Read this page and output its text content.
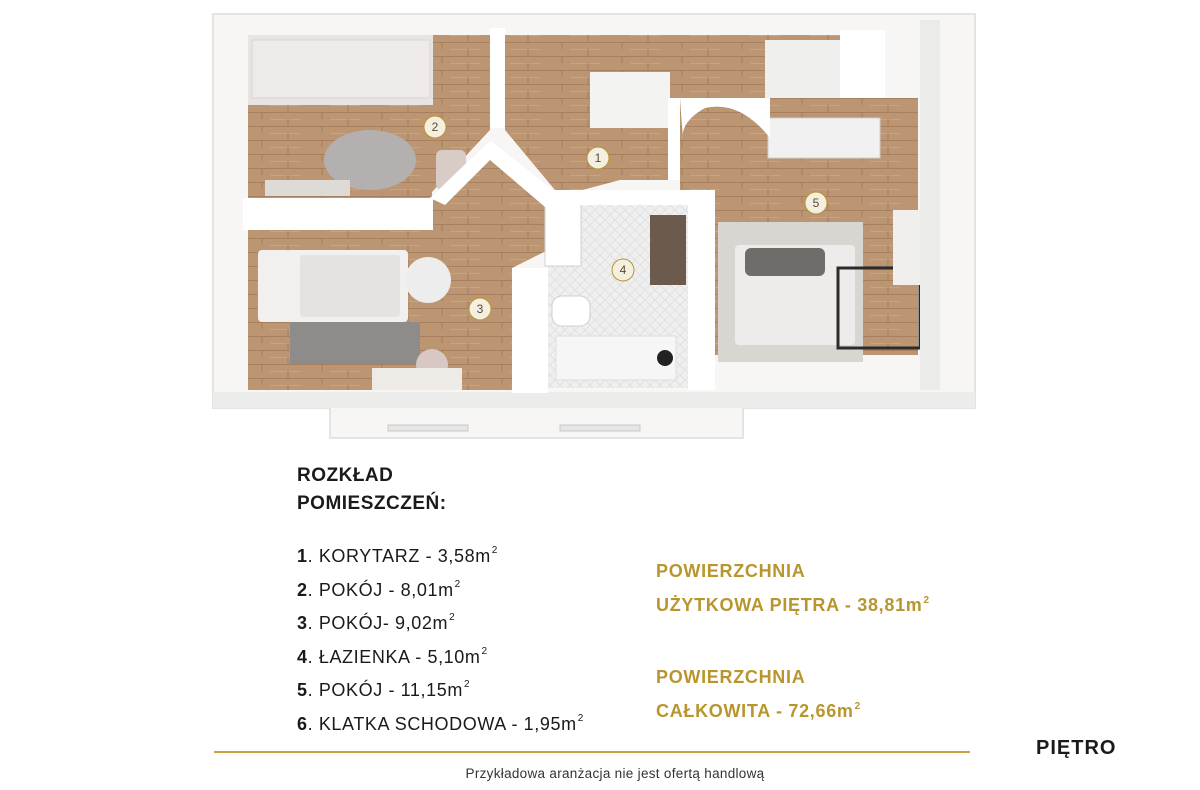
1
2
3
4
5
ROZKŁAD
POMIESZCZEŃ:
1. KORYTARZ - $3,58m^2$
2. POKÓJ - $8,01m^2$
3. POKÓJ- $9,02m^2$
4. ŁAZIENKA - $5,10m^2$
5. POKÓJ - $11,15m^2$
6. KLATKA SCHODOWA - $1,95m^2$
POWIERZCHNIA
UŻYTKOWA PIĘTRA - $38,81m^2$
POWIERZCHNIA
CAŁKOWITA - $72,66m^2$
PIĘTRO
Przykładowa aranżacja nie jest ofertą handlową
